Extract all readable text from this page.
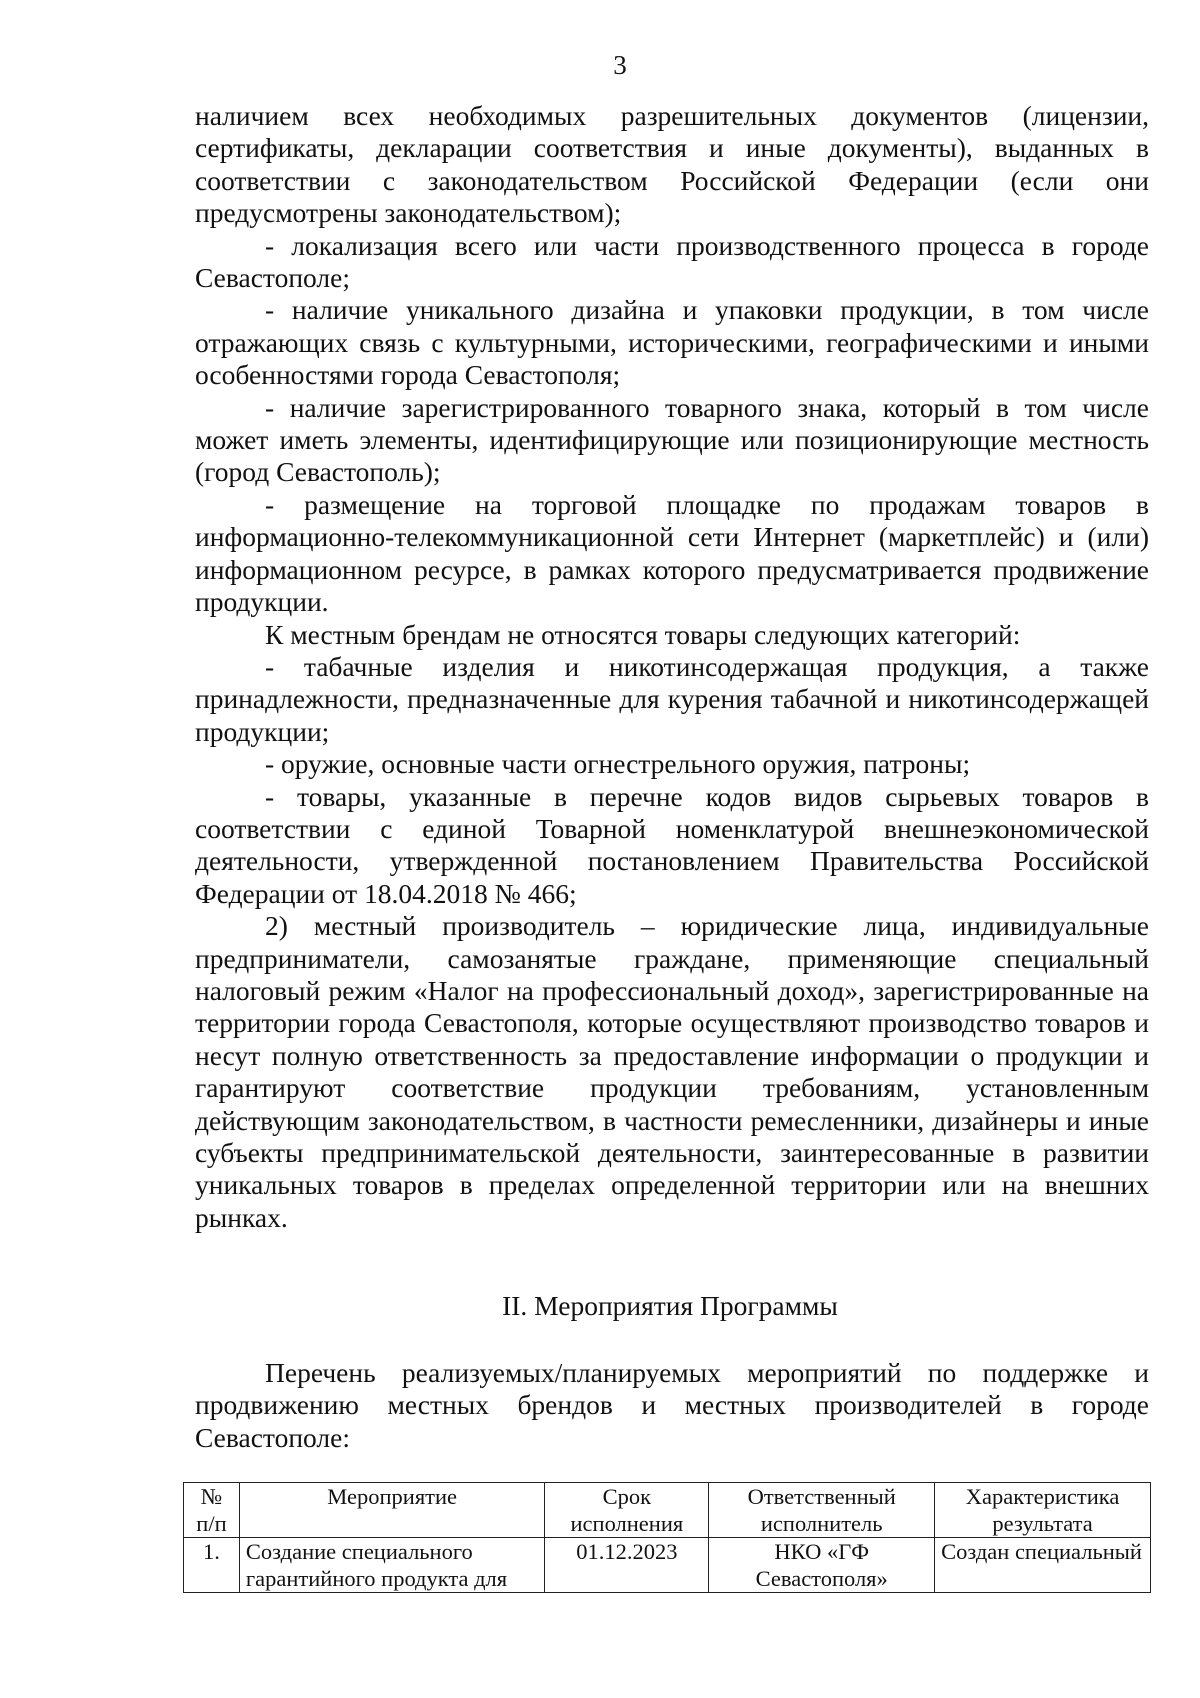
3

наличием всех необходимых разрешительных документов (лицензии, сертификаты, декларации соответствия и иные документы), выданных в соответствии с законодательством Российской Федерации (если они предусмотрены законодательством);

- локализация всего или части производственного процесса в городе Севастополе;

- наличие уникального дизайна и упаковки продукции, в том числе отражающих связь с культурными, историческими, географическими и иными особенностями города Севастополя;

- наличие зарегистрированного товарного знака, который в том числе может иметь элементы, идентифицирующие или позиционирующие местность (город Севастополь);

- размещение на торговой площадке по продажам товаров в информационно-телекоммуникационной сети Интернет (маркетплейс) и (или) информационном ресурсе, в рамках которого предусматривается продвижение продукции.

К местным брендам не относятся товары следующих категорий:

- табачные изделия и никотинсодержащая продукция, а также принадлежности, предназначенные для курения табачной и никотинсодержащей продукции;

- оружие, основные части огнестрельного оружия, патроны;

- товары, указанные в перечне кодов видов сырьевых товаров в соответствии с единой Товарной номенклатурой внешнеэкономической деятельности, утвержденной постановлением Правительства Российской Федерации от 18.04.2018 № 466;

2) местный производитель – юридические лица, индивидуальные предприниматели, самозанятые граждане, применяющие специальный налоговый режим «Налог на профессиональный доход», зарегистрированные на территории города Севастополя, которые осуществляют производство товаров и несут полную ответственность за предоставление информации о продукции и гарантируют соответствие продукции требованиям, установленным действующим законодательством, в частности ремесленники, дизайнеры и иные субъекты предпринимательской деятельности, заинтересованные в развитии уникальных товаров в пределах определенной территории или на внешних рынках.

II. Мероприятия Программы

Перечень реализуемых/планируемых мероприятий по поддержке и продвижению местных брендов и местных производителей в городе Севастополе:

№ п/п	Мероприятие	Срок исполнения	Ответственный исполнитель	Характеристика результата
1.	Создание специального гарантийного продукта для	01.12.2023	НКО «ГФ Севастополя»	Создан специальный
